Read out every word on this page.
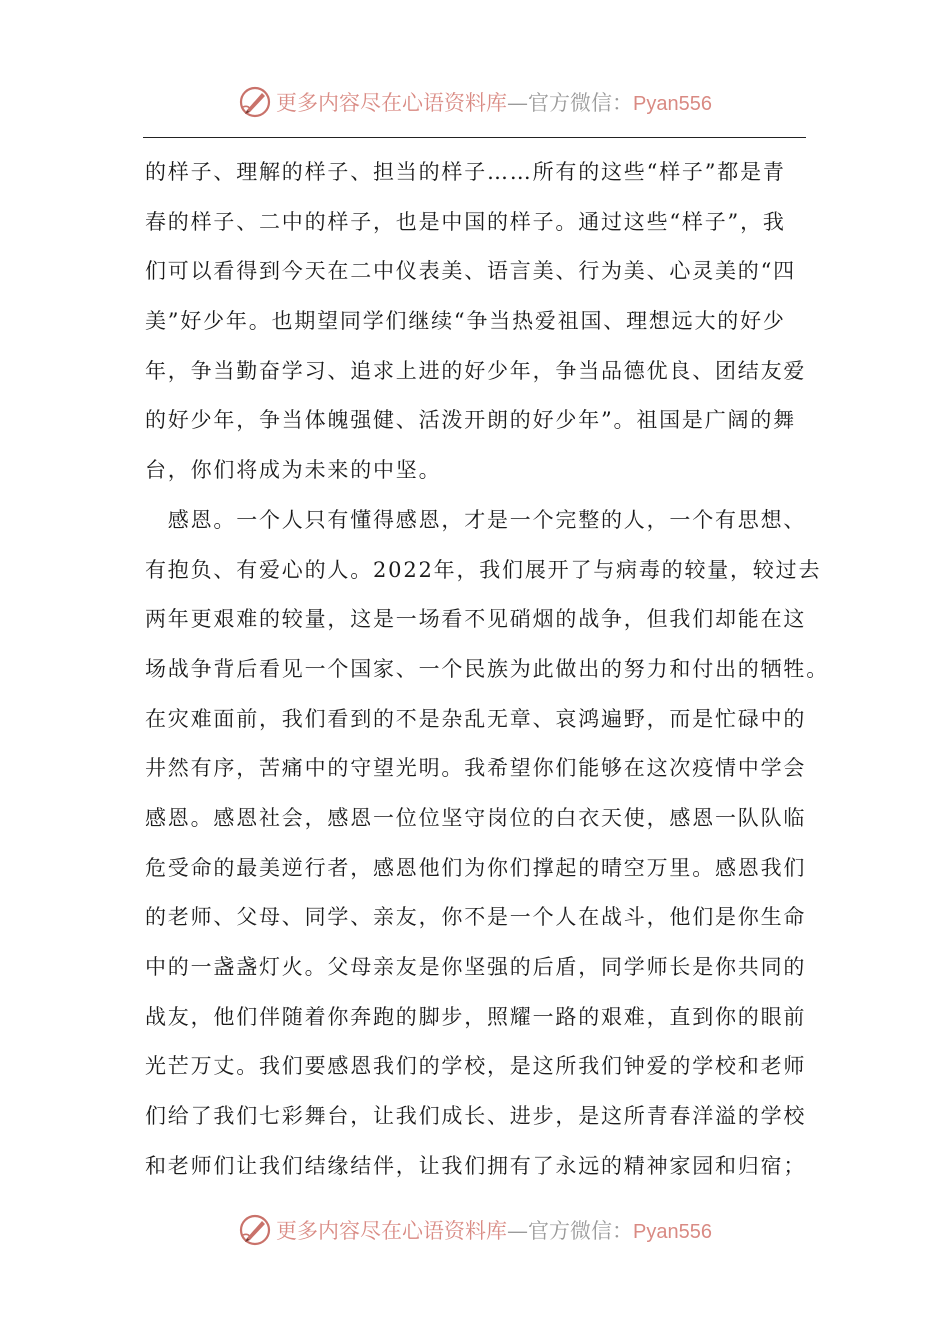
更多内容尽在心语资料库—官方微信：Pyan556
的样子、理解的样子、担当的样子……所有的这些“样子”都是青
春的样子、二中的样子，也是中国的样子。通过这些“样子”，我
们可以看得到今天在二中仪表美、语言美、行为美、心灵美的“四
美”好少年。也期望同学们继续“争当热爱祖国、理想远大的好少
年，争当勤奋学习、追求上进的好少年，争当品德优良、团结友爱
的好少年，争当体魄强健、活泼开朗的好少年”。祖国是广阔的舞
台，你们将成为未来的中坚。
　感恩。一个人只有懂得感恩，才是一个完整的人，一个有思想、
有抱负、有爱心的人。2022年，我们展开了与病毒的较量，较过去
两年更艰难的较量，这是一场看不见硝烟的战争，但我们却能在这
场战争背后看见一个国家、一个民族为此做出的努力和付出的牺牲。
在灾难面前，我们看到的不是杂乱无章、哀鸿遍野，而是忙碌中的
井然有序，苦痛中的守望光明。我希望你们能够在这次疫情中学会
感恩。感恩社会，感恩一位位坚守岗位的白衣天使，感恩一队队临
危受命的最美逆行者，感恩他们为你们撑起的晴空万里。感恩我们
的老师、父母、同学、亲友，你不是一个人在战斗，他们是你生命
中的一盏盏灯火。父母亲友是你坚强的后盾，同学师长是你共同的
战友，他们伴随着你奔跑的脚步，照耀一路的艰难，直到你的眼前
光芒万丈。我们要感恩我们的学校，是这所我们钟爱的学校和老师
们给了我们七彩舞台，让我们成长、进步，是这所青春洋溢的学校
和老师们让我们结缘结伴，让我们拥有了永远的精神家园和归宿；
更多内容尽在心语资料库—官方微信：Pyan556
